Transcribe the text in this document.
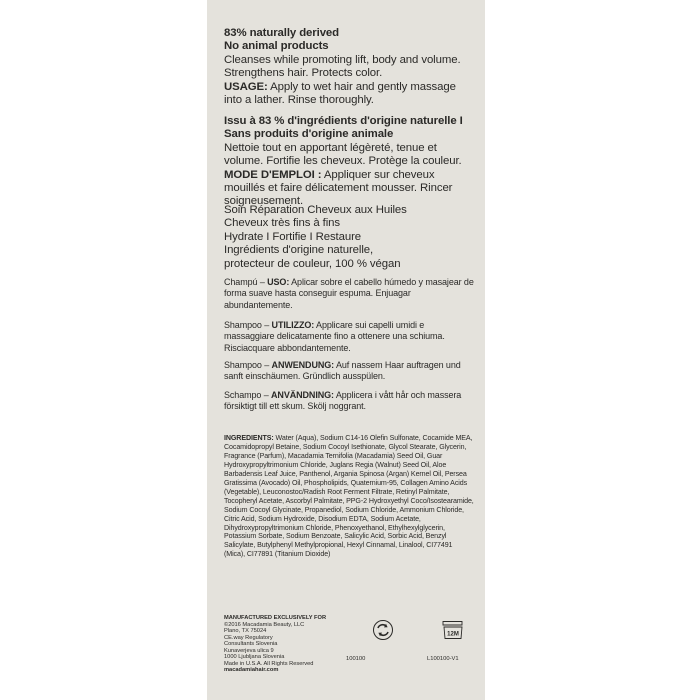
83% naturally derived
No animal products
Cleanses while promoting lift, body and volume. Strengthens hair. Protects color.
USAGE: Apply to wet hair and gently massage into a lather. Rinse thoroughly.
Issu à 83 % d'ingrédients d'origine naturelle I Sans produits d'origine animale
Nettoie tout en apportant légèreté, tenue et volume. Fortifie les cheveux. Protège la couleur. MODE D'EMPLOI : Appliquer sur cheveux mouillés et faire délicatement mousser. Rincer soigneusement.
Soin Réparation Cheveux aux Huiles
Cheveux très fins à fins
Hydrate I Fortifie I Restaure
Ingrédients d'origine naturelle,
protecteur de couleur, 100 % végan
Champú – USO: Aplicar sobre el cabello húmedo y masajear de forma suave hasta conseguir espuma. Enjuagar abundantemente.
Shampoo – UTILIZZO: Applicare sui capelli umidi e massaggiare delicatamente fino a ottenere una schiuma. Risciacquare abbondantemente.
Shampoo – ANWENDUNG: Auf nassem Haar auftragen und sanft einschäumen. Gründlich ausspülen.
Schampo – ANVÄNDNING: Applicera i vått hår och massera försiktigt till ett skum. Skölj noggrant.
INGREDIENTS: Water (Aqua), Sodium C14-16 Olefin Sulfonate, Cocamide MEA, Cocamidopropyl Betaine, Sodium Cocoyl Isethionate, Glycol Stearate, Glycerin, Fragrance (Parfum), Macadamia Ternifolia (Macadamia) Seed Oil, Guar Hydroxypropyltrimonium Chloride, Juglans Regia (Walnut) Seed Oil, Aloe Barbadensis Leaf Juice, Panthenol, Argania Spinosa (Argan) Kernel Oil, Persea Gratissima (Avocado) Oil, Phospholipids, Quaternium-95, Collagen Amino Acids (Vegetable), Leuconostoc/Radish Root Ferment Filtrate, Retinyl Palmitate, Tocopheryl Acetate, Ascorbyl Palmitate, PPG-2 Hydroxyethyl Coco/Isostearamide, Sodium Cocoyl Glycinate, Propanediol, Sodium Chloride, Ammonium Chloride, Citric Acid, Sodium Hydroxide, Disodium EDTA, Sodium Acetate, Dihydroxypropyltrimonium Chloride, Phenoxyethanol, Ethylhexylglycerin, Potassium Sorbate, Sodium Benzoate, Salicylic Acid, Sorbic Acid, Benzyl Salicylate, Butylphenyl Methylpropional, Hexyl Cinnamal, Linalool, CI77491 (Mica), CI77891 (Titanium Dioxide)
MANUFACTURED EXCLUSIVELY FOR
©2016 Macadamia Beauty, LLC
Plano, TX 75024
CE.way Regulatory
Consultants Slovenia
Kunaverjeva ulica 9
1000 Ljubljana Slovenia
Made in U.S.A. All Rights Reserved
macadamiahair.com
100100	L100100-V1
12M
